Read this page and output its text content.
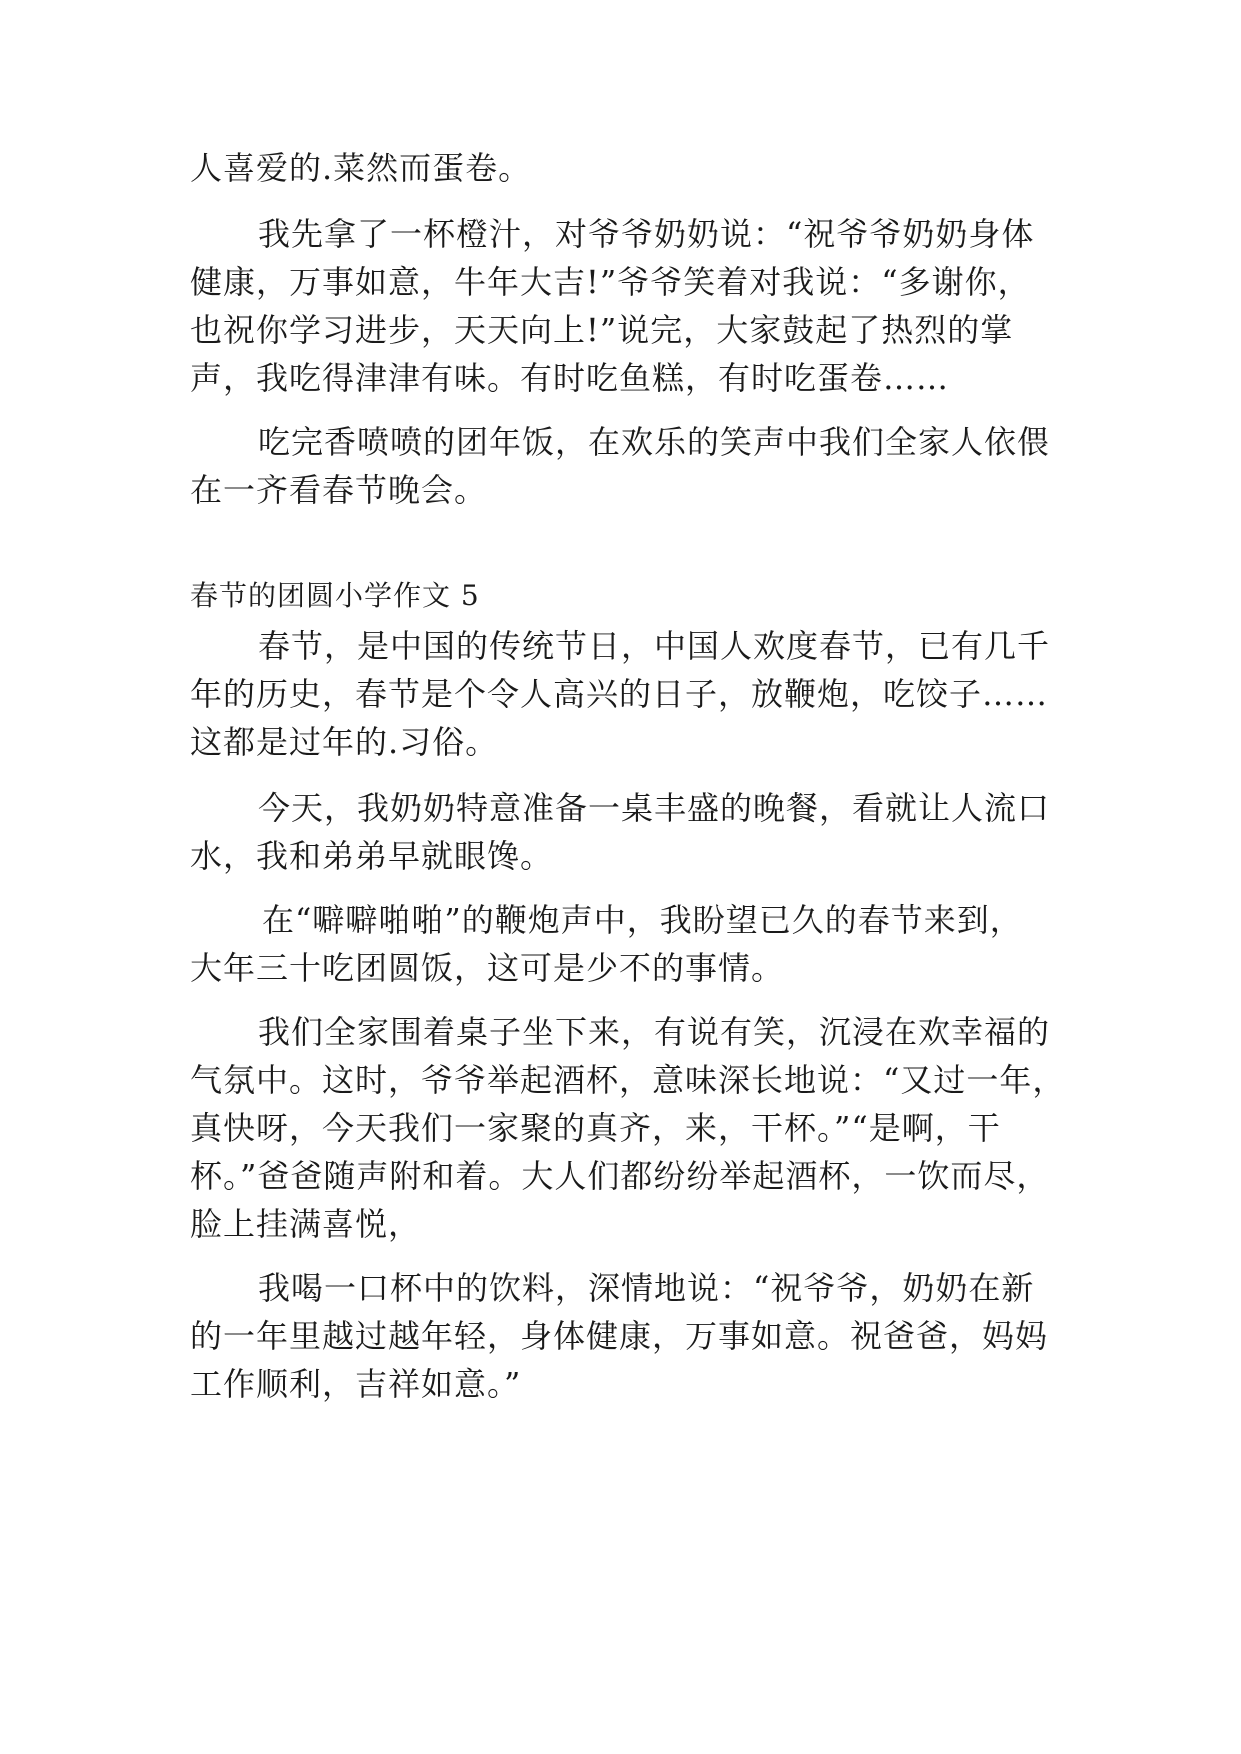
人喜爱的.菜然而蛋卷。
我先拿了一杯橙汁，对爷爷奶奶说：“祝爷爷奶奶身体
健康，万事如意，牛年大吉!”爷爷笑着对我说：“多谢你，
也祝你学习进步，天天向上!”说完，大家鼓起了热烈的掌
声，我吃得津津有味。有时吃鱼糕，有时吃蛋卷……
吃完香喷喷的团年饭，在欢乐的笑声中我们全家人依偎
在一齐看春节晚会。
春节的团圆小学作文 5
春节，是中国的传统节日，中国人欢度春节，已有几千
年的历史，春节是个令人高兴的日子，放鞭炮，吃饺子……
这都是过年的.习俗。
今天，我奶奶特意准备一桌丰盛的晚餐，看就让人流口
水，我和弟弟早就眼馋。
在“噼噼啪啪”的鞭炮声中，我盼望已久的春节来到，
大年三十吃团圆饭，这可是少不的事情。
我们全家围着桌子坐下来，有说有笑，沉浸在欢幸福的
气氛中。这时，爷爷举起酒杯，意味深长地说：“又过一年，
真快呀，今天我们一家聚的真齐，来，干杯。”“是啊，干
杯。”爸爸随声附和着。大人们都纷纷举起酒杯，一饮而尽，
脸上挂满喜悦，
我喝一口杯中的饮料，深情地说：“祝爷爷，奶奶在新
的一年里越过越年轻，身体健康，万事如意。祝爸爸，妈妈
工作顺利，吉祥如意。”
